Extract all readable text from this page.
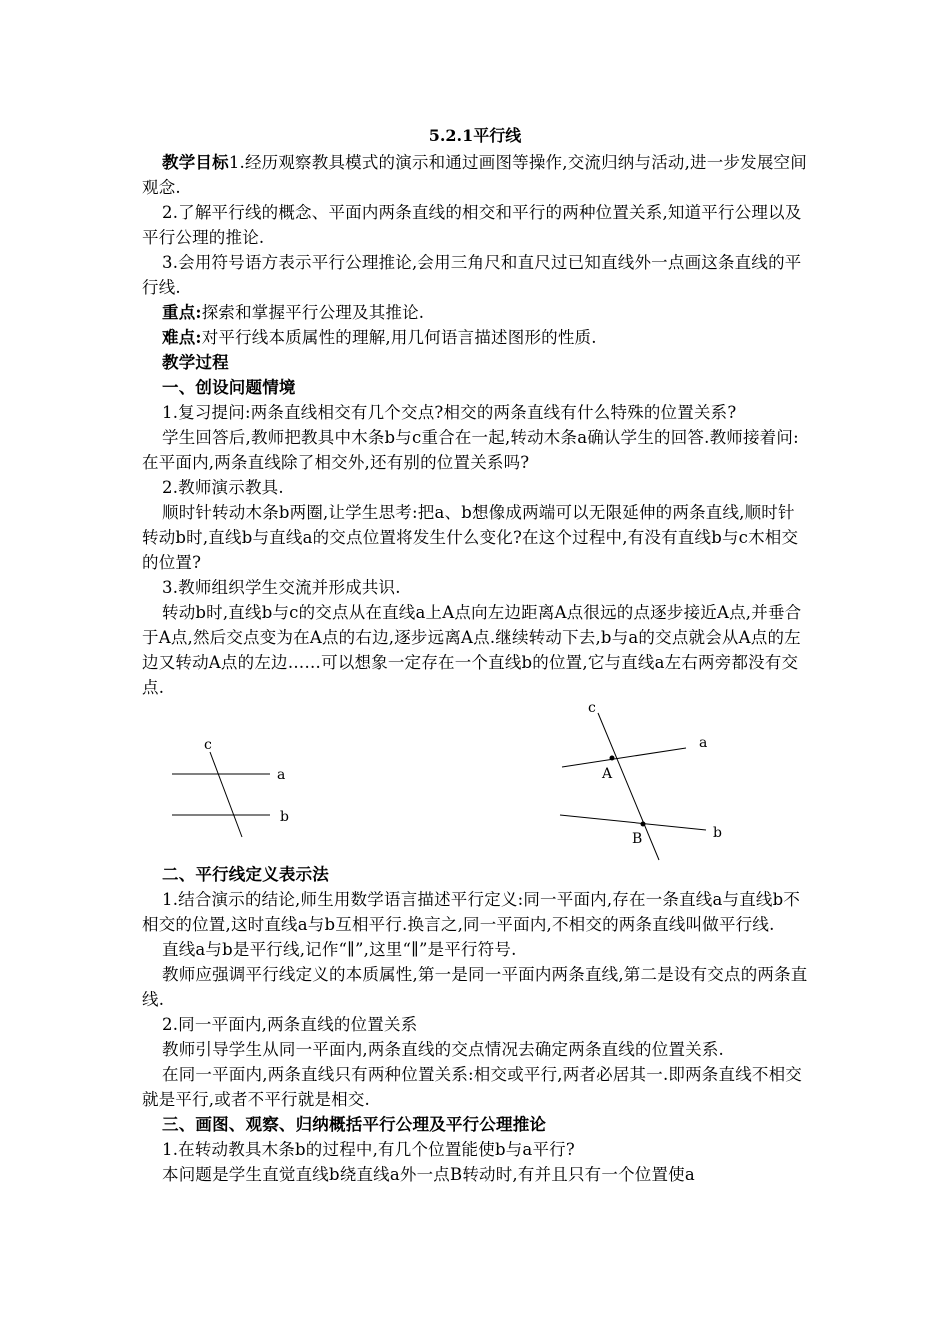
5.2.1平行线

教学目标1.经历观察教具模式的演示和通过画图等操作,交流归纳与活动,进一步发展空间观念.

2.了解平行线的概念、平面内两条直线的相交和平行的两种位置关系,知道平行公理以及平行公理的推论.

3.会用符号语方表示平行公理推论,会用三角尺和直尺过已知直线外一点画这条直线的平行线.

重点:探索和掌握平行公理及其推论.

难点:对平行线本质属性的理解,用几何语言描述图形的性质.

教学过程

一、创设问题情境

1.复习提问:两条直线相交有几个交点?相交的两条直线有什么特殊的位置关系?

学生回答后,教师把教具中木条b与c重合在一起,转动木条a确认学生的回答.教师接着问:在平面内,两条直线除了相交外,还有别的位置关系吗?

2.教师演示教具.

顺时针转动木条b两圈,让学生思考:把a、b想像成两端可以无限延伸的两条直线,顺时针转动b时,直线b与直线a的交点位置将发生什么变化?在这个过程中,有没有直线b与c木相交的位置?

3.教师组织学生交流并形成共识.

转动b时,直线b与c的交点从在直线a上A点向左边距离A点很远的点逐步接近A点,并垂合于A点,然后交点变为在A点的右边,逐步远离A点.继续转动下去,b与a的交点就会从A点的左边又转动A点的左边……可以想象一定存在一个直线b的位置,它与直线a左右两旁都没有交点.

c
a
b
c
a
b
A
B

二、平行线定义表示法

1.结合演示的结论,师生用数学语言描述平行定义:同一平面内,存在一条直线a与直线b不相交的位置,这时直线a与b互相平行.换言之,同一平面内,不相交的两条直线叫做平行线.

直线a与b是平行线,记作“∥”,这里“∥”是平行符号.

教师应强调平行线定义的本质属性,第一是同一平面内两条直线,第二是设有交点的两条直线.

2.同一平面内,两条直线的位置关系

教师引导学生从同一平面内,两条直线的交点情况去确定两条直线的位置关系.

在同一平面内,两条直线只有两种位置关系:相交或平行,两者必居其一.即两条直线不相交就是平行,或者不平行就是相交.

三、画图、观察、归纳概括平行公理及平行公理推论

1.在转动教具木条b的过程中,有几个位置能使b与a平行?

本问题是学生直觉直线b绕直线a外一点B转动时,有并且只有一个位置使a
